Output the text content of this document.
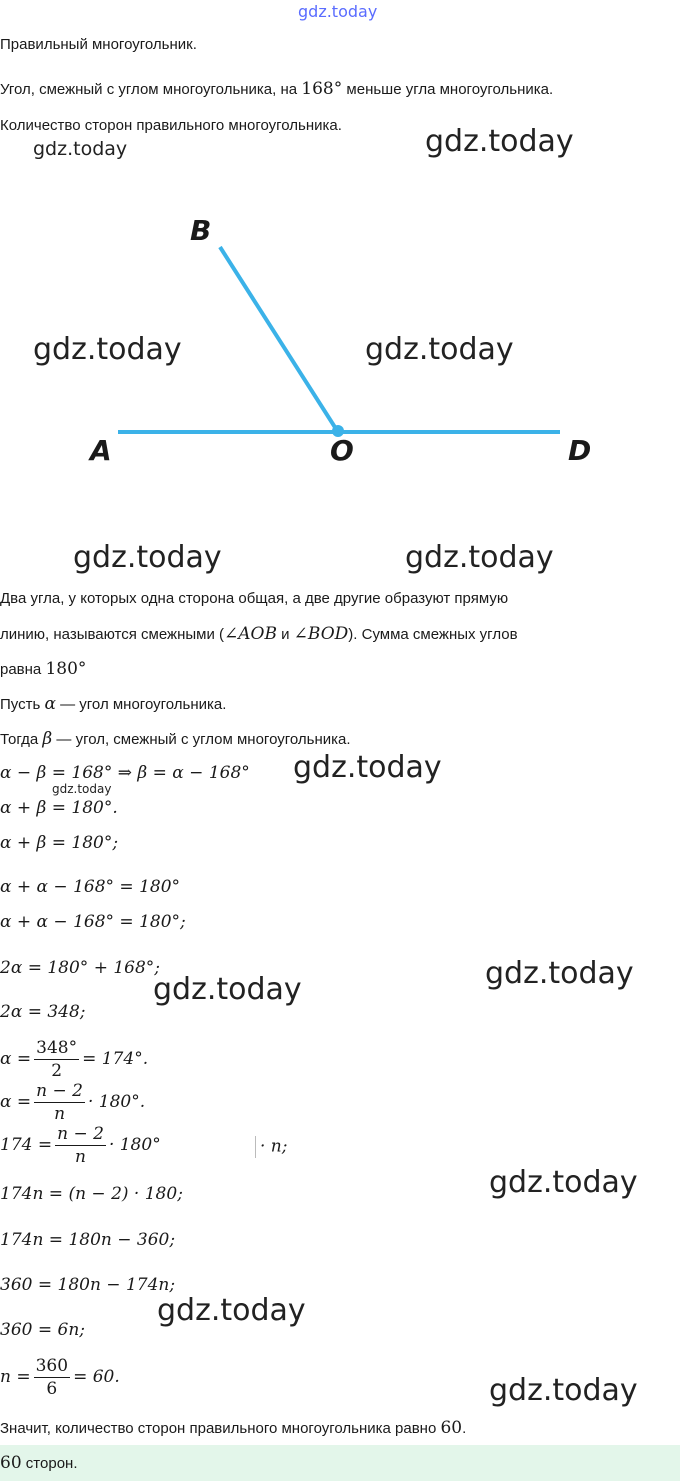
gdz.today
Правильный многоугольник.
Угол, смежный с углом многоугольника, на 168° меньше угла многоугольника.
Количество сторон правильного многоугольника.
gdz.today	gdz.today
B
A	O	D
gdz.today	gdz.today
gdz.today	gdz.today
Два угла, у которых одна сторона общая, а две другие образуют прямую
линию, называются смежными (∠AOB и ∠BOD). Сумма смежных углов
равна 180°
Пусть α — угол многоугольника.
Тогда β — угол, смежный с углом многоугольника.
α − β = 168° ⇒ β = α − 168° gdz.today
gdz.today
α + β = 180°.
α + β = 180°;
α + α − 168° = 180°
α + α − 168° = 180°;
2α = 180° + 168°;	gdz.today
gdz.today
2α = 348;
$\alpha = \frac{348^\circ}{2} = 174^\circ$.
$\alpha = \frac{n - 2}{n} \cdot 180^\circ$.
$174 = \frac{n - 2}{n} \cdot 180^\circ$	· n;
gdz.today
174n = (n − 2) · 180;
174n = 180n − 360;
360 = 180n − 174n;
gdz.today
360 = 6n;
$n = \frac{360}{6} = 60$.	gdz.today
Значит, количество сторон правильного многоугольника равно 60.
60 сторон.
